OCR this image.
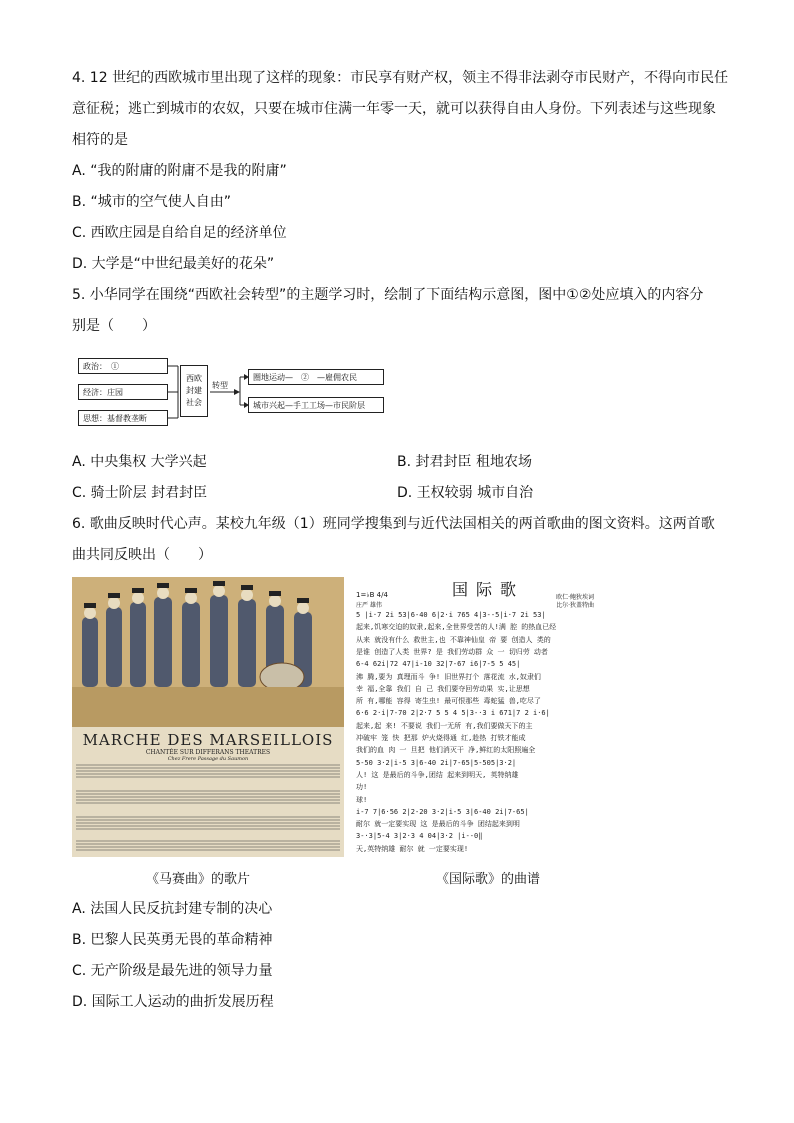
4. 12 世纪的西欧城市里出现了这样的现象：市民享有财产权，领主不得非法剥夺市民财产，不得向市民任
意征税；逃亡到城市的农奴，只要在城市住满一年零一天，就可以获得自由人身份。下列表述与这些现象
相符的是
A. “我的附庸的附庸不是我的附庸”
B. “城市的空气使人自由”
C. 西欧庄园是自给自足的经济单位
D. 大学是“中世纪最美好的花朵”
5. 小华同学在围绕“西欧社会转型”的主题学习时，绘制了下面结构示意图，图中①②处应填入的内容分
别是（　　）
政治：　①
经济：庄园
思想：基督教垄断
西欧
封建
社会
转型
圈地运动—　②　—雇佣农民
城市兴起—手工工场—市民阶层
A. 中央集权 大学兴起	B. 封君封臣 租地农场
C. 骑士阶层 封君封臣	D. 王权较弱 城市自治
6. 歌曲反映时代心声。某校九年级（1）班同学搜集到与近代法国相关的两首歌曲的图文资料。这两首歌
曲共同反映出（　　）
MARCHE DES MARSEILLOIS
CHANTÉE SUR DIFFERANS THEATRES
Chez Frere Passage du Saumon
国际歌
1=♭B 4/4
庄严 雄伟
欧仁·鲍狄埃词
比尔·狄盖特曲
5 |i·7 2i 53|6-40 6|2·i 765 4|3--5|i·7 2i 53|
起来,饥寒交迫的奴隶,起来,全世界受苦的人!满 腔 的热血已经
从来 就没有什么 救世主,也 不靠神仙皇 帝 要 创造人 类的
是谁 创造了人类 世界? 是 我们劳动群 众 一 切归劳 动者
6-4 62i|72 47|i-10 32|7-67 i6|7-5 5 45|
沸 腾,要为 真理而斗 争! 旧世界打个 落花流 水,奴隶们
幸 福,全靠 我们 自 己 我们要夺回劳动果 实,让思想
所 有,哪能 容得 寄生虫! 最可恨那些 毒蛇猛 兽,吃尽了
6·6 2·i|7-70 2|2·7 5 5 4 5|3-·3 i 671|7 2 i·6|
起来,起 来! 不要说 我们一无所 有,我们要做天下的主
冲破牢 笼 快 把那 炉火烧得通 红,趁热 打铁才能成
我们的血 肉 一 旦把 他们消灭干 净,鲜红的太阳照遍全
5-50 3·2|i-5 3|6-40 2i|7-65|5-505|3·2|
人! 这 是最后的斗争,团结 起来到明天, 英特纳雄
功!
球!
i-7 7|6·56 2|2-20 3·2|i-5 3|6-40 2i|7-65|
耐尔 就一定要实现 这 是最后的斗争 团结起来到明
3-·3|5-4 3|2·3 4 04|3·2 |i--0‖
天,英特纳雄 耐尔 就 一定要实现!
《马赛曲》的歌片	《国际歌》的曲谱
A. 法国人民反抗封建专制的决心
B. 巴黎人民英勇无畏的革命精神
C. 无产阶级是最先进的领导力量
D. 国际工人运动的曲折发展历程
